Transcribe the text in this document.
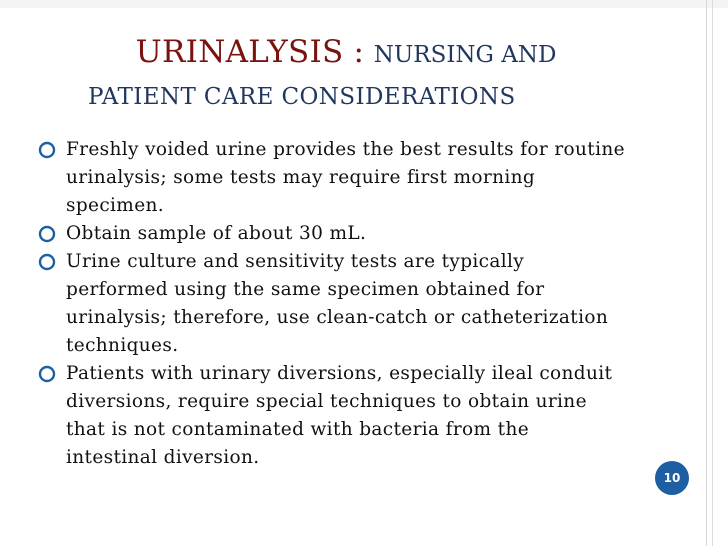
URINALYSIS : NURSING AND
PATIENT CARE CONSIDERATIONS
Freshly voided urine provides the best results for routine urinalysis; some tests may require first morning specimen.
Obtain sample of about 30 mL.
Urine culture and sensitivity tests are typically performed using the same specimen obtained for urinalysis; therefore, use clean-catch or catheterization techniques.
Patients with urinary diversions, especially ileal conduit diversions, require special techniques to obtain urine that is not contaminated with bacteria from the intestinal diversion.
10
